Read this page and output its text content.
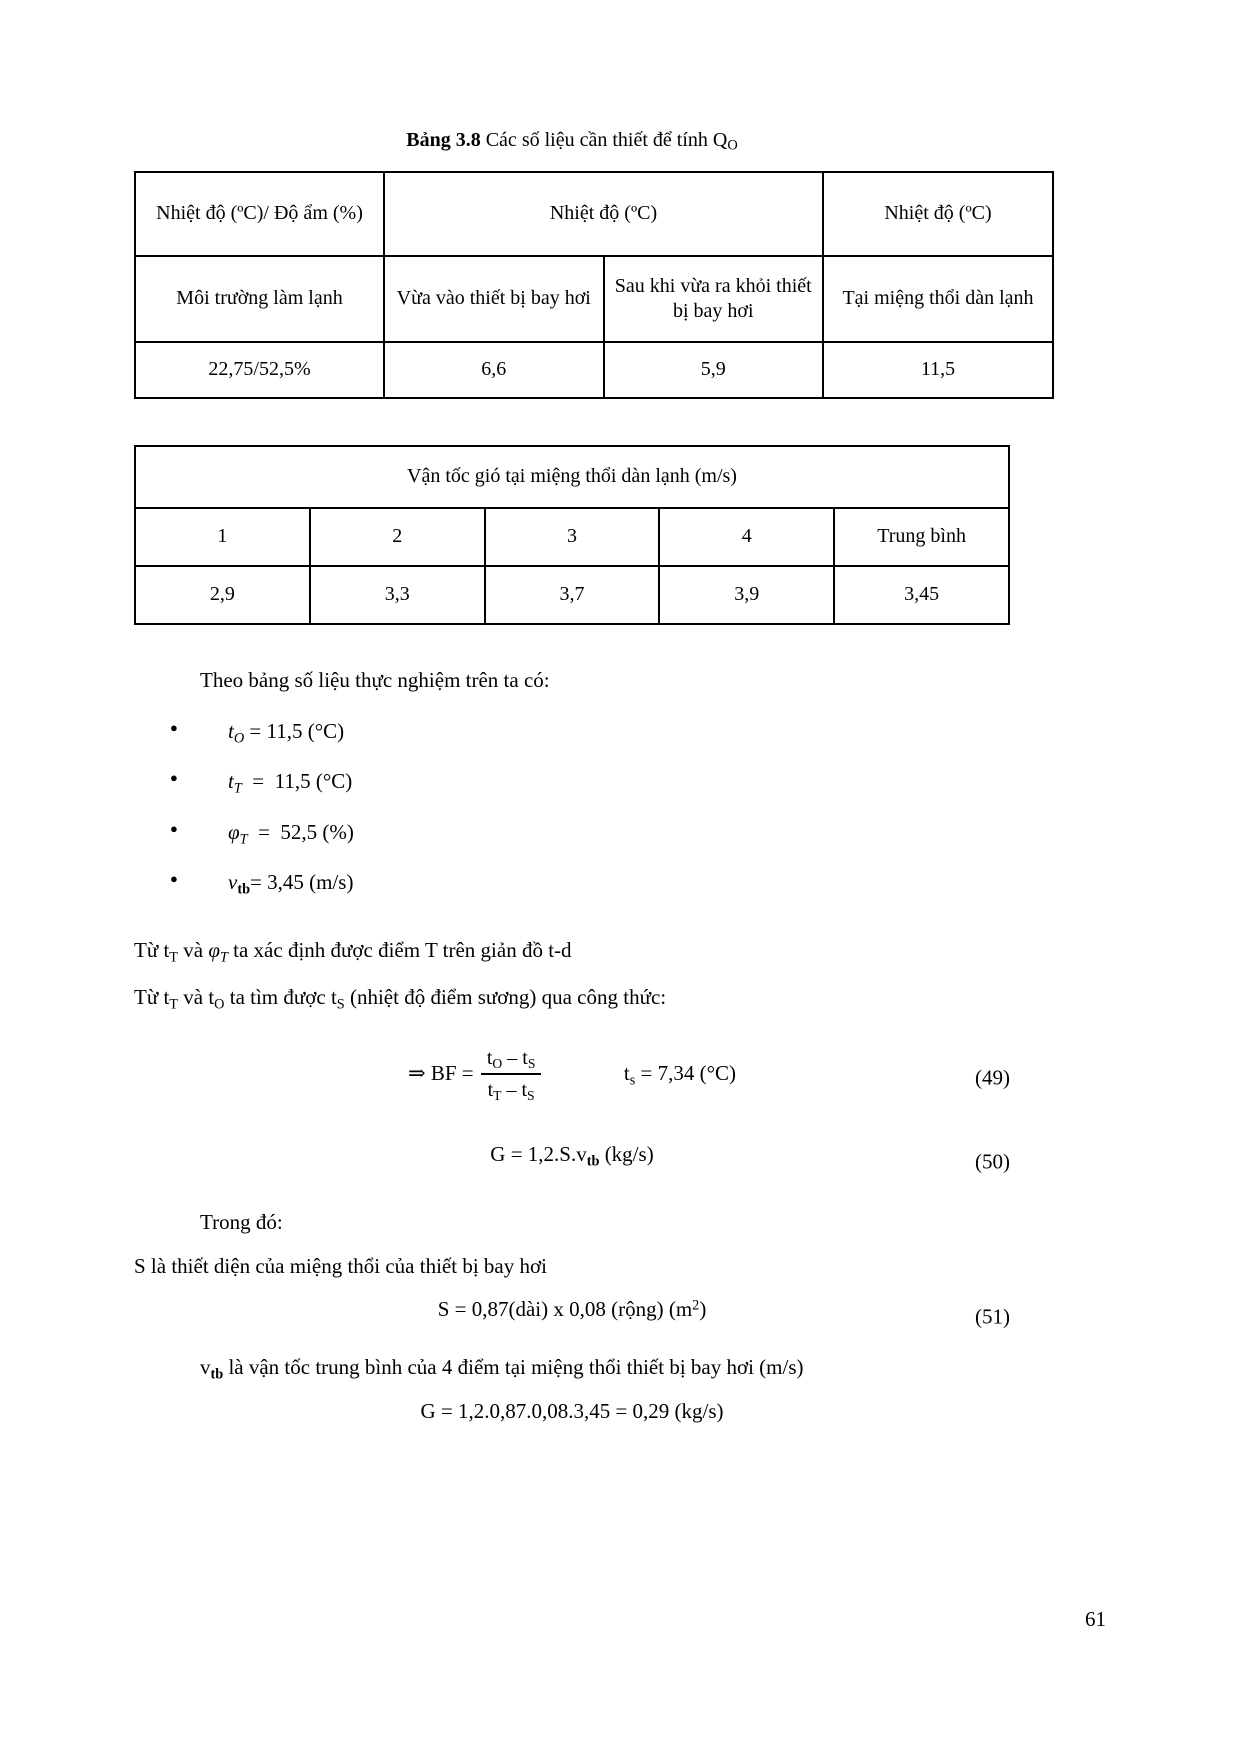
Bảng 3.8 Các số liệu cần thiết để tính $Q_O$
Nhiệt độ (ºC)/ Độ ẩm (%)	Nhiệt độ (ºC)		Nhiệt độ (ºC)
Môi trường làm lạnh	Vừa vào thiết bị bay hơi	Sau khi vừa ra khỏi thiết bị bay hơi	Tại miệng thổi dàn lạnh
22,75/52,5%	6,6	5,9	11,5
Vận tốc gió tại miệng thổi dàn lạnh (m/s)				
1	2	3	4	Trung bình
2,9	3,3	3,7	3,9	3,45

Theo bảng số liệu thực nghiệm trên ta có:

● $t_O = 11,5$ (°C)
● $t_T = 11,5$ (°C)
● $\varphi_T = 52,5$ (%)
● $v_{tb}= 3,45$ (m/s)

Từ $t_T$ và $\varphi_T$ ta xác định được điểm T trên giản đồ t-d

Từ $t_T$ và $t_O$ ta tìm được $t_S$ (nhiệt độ điểm sương) qua công thức:

⇒ BF = $\frac{t_O - t_S}{t_T - t_S}$	$t_s = 7,34$ (°C)	(49)
$G = 1,2.S.v_{tb}$ (kg/s)	(50)

Trong đó:

S là thiết diện của miệng thổi của thiết bị bay hơi

S = 0,87(dài) x 0,08 (rộng) $(m^2)$	(51)

$v_{tb}$ là vận tốc trung bình của 4 điểm tại miệng thổi thiết bị bay hơi (m/s)

G = 1,2.0,87.0,08.3,45 = 0,29 (kg/s)
61
